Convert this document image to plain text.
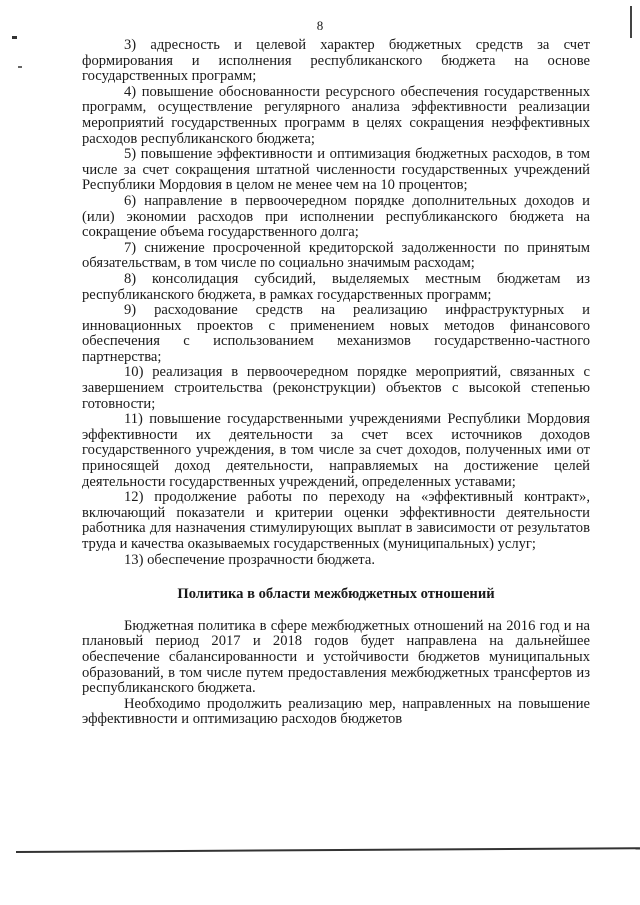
8

3) адресность и целевой характер бюджетных средств за счет формирования и исполнения республиканского бюджета на основе государственных программ;

4) повышение обоснованности ресурсного обеспечения государственных программ, осуществление регулярного анализа эффективности реализации мероприятий государственных программ в целях сокращения неэффективных расходов республиканского бюджета;

5) повышение эффективности и оптимизация бюджетных расходов, в том числе за счет сокращения штатной численности государственных учреждений Республики Мордовия в целом не менее чем на 10 процентов;

6) направление в первоочередном порядке дополнительных доходов и (или) экономии расходов при исполнении республиканского бюджета на сокращение объема государственного долга;

7) снижение просроченной кредиторской задолженности по принятым обязательствам, в том числе по социально значимым расходам;

8) консолидация субсидий, выделяемых местным бюджетам из республиканского бюджета, в рамках государственных программ;

9) расходование средств на реализацию инфраструктурных и инновационных проектов с применением новых методов финансового обеспечения с использованием механизмов государственно-частного партнерства;

10) реализация в первоочередном порядке мероприятий, связанных с завершением строительства (реконструкции) объектов с высокой степенью готовности;

11) повышение государственными учреждениями Республики Мордовия эффективности их деятельности за счет всех источников доходов государственного учреждения, в том числе за счет доходов, полученных ими от приносящей доход деятельности, направляемых на достижение целей деятельности государственных учреждений, определенных уставами;

12) продолжение работы по переходу на «эффективный контракт», включающий показатели и критерии оценки эффективности деятельности работника для назначения стимулирующих выплат в зависимости от результатов труда и качества оказываемых государственных (муниципальных) услуг;

13) обеспечение прозрачности бюджета.

Политика в области межбюджетных отношений

Бюджетная политика в сфере межбюджетных отношений на 2016 год и на плановый период 2017 и 2018 годов будет направлена на дальнейшее обеспечение сбалансированности и устойчивости бюджетов муниципальных образований, в том числе путем предоставления межбюджетных трансфертов из республиканского бюджета.

Необходимо продолжить реализацию мер, направленных на повышение эффективности и оптимизацию расходов бюджетов
